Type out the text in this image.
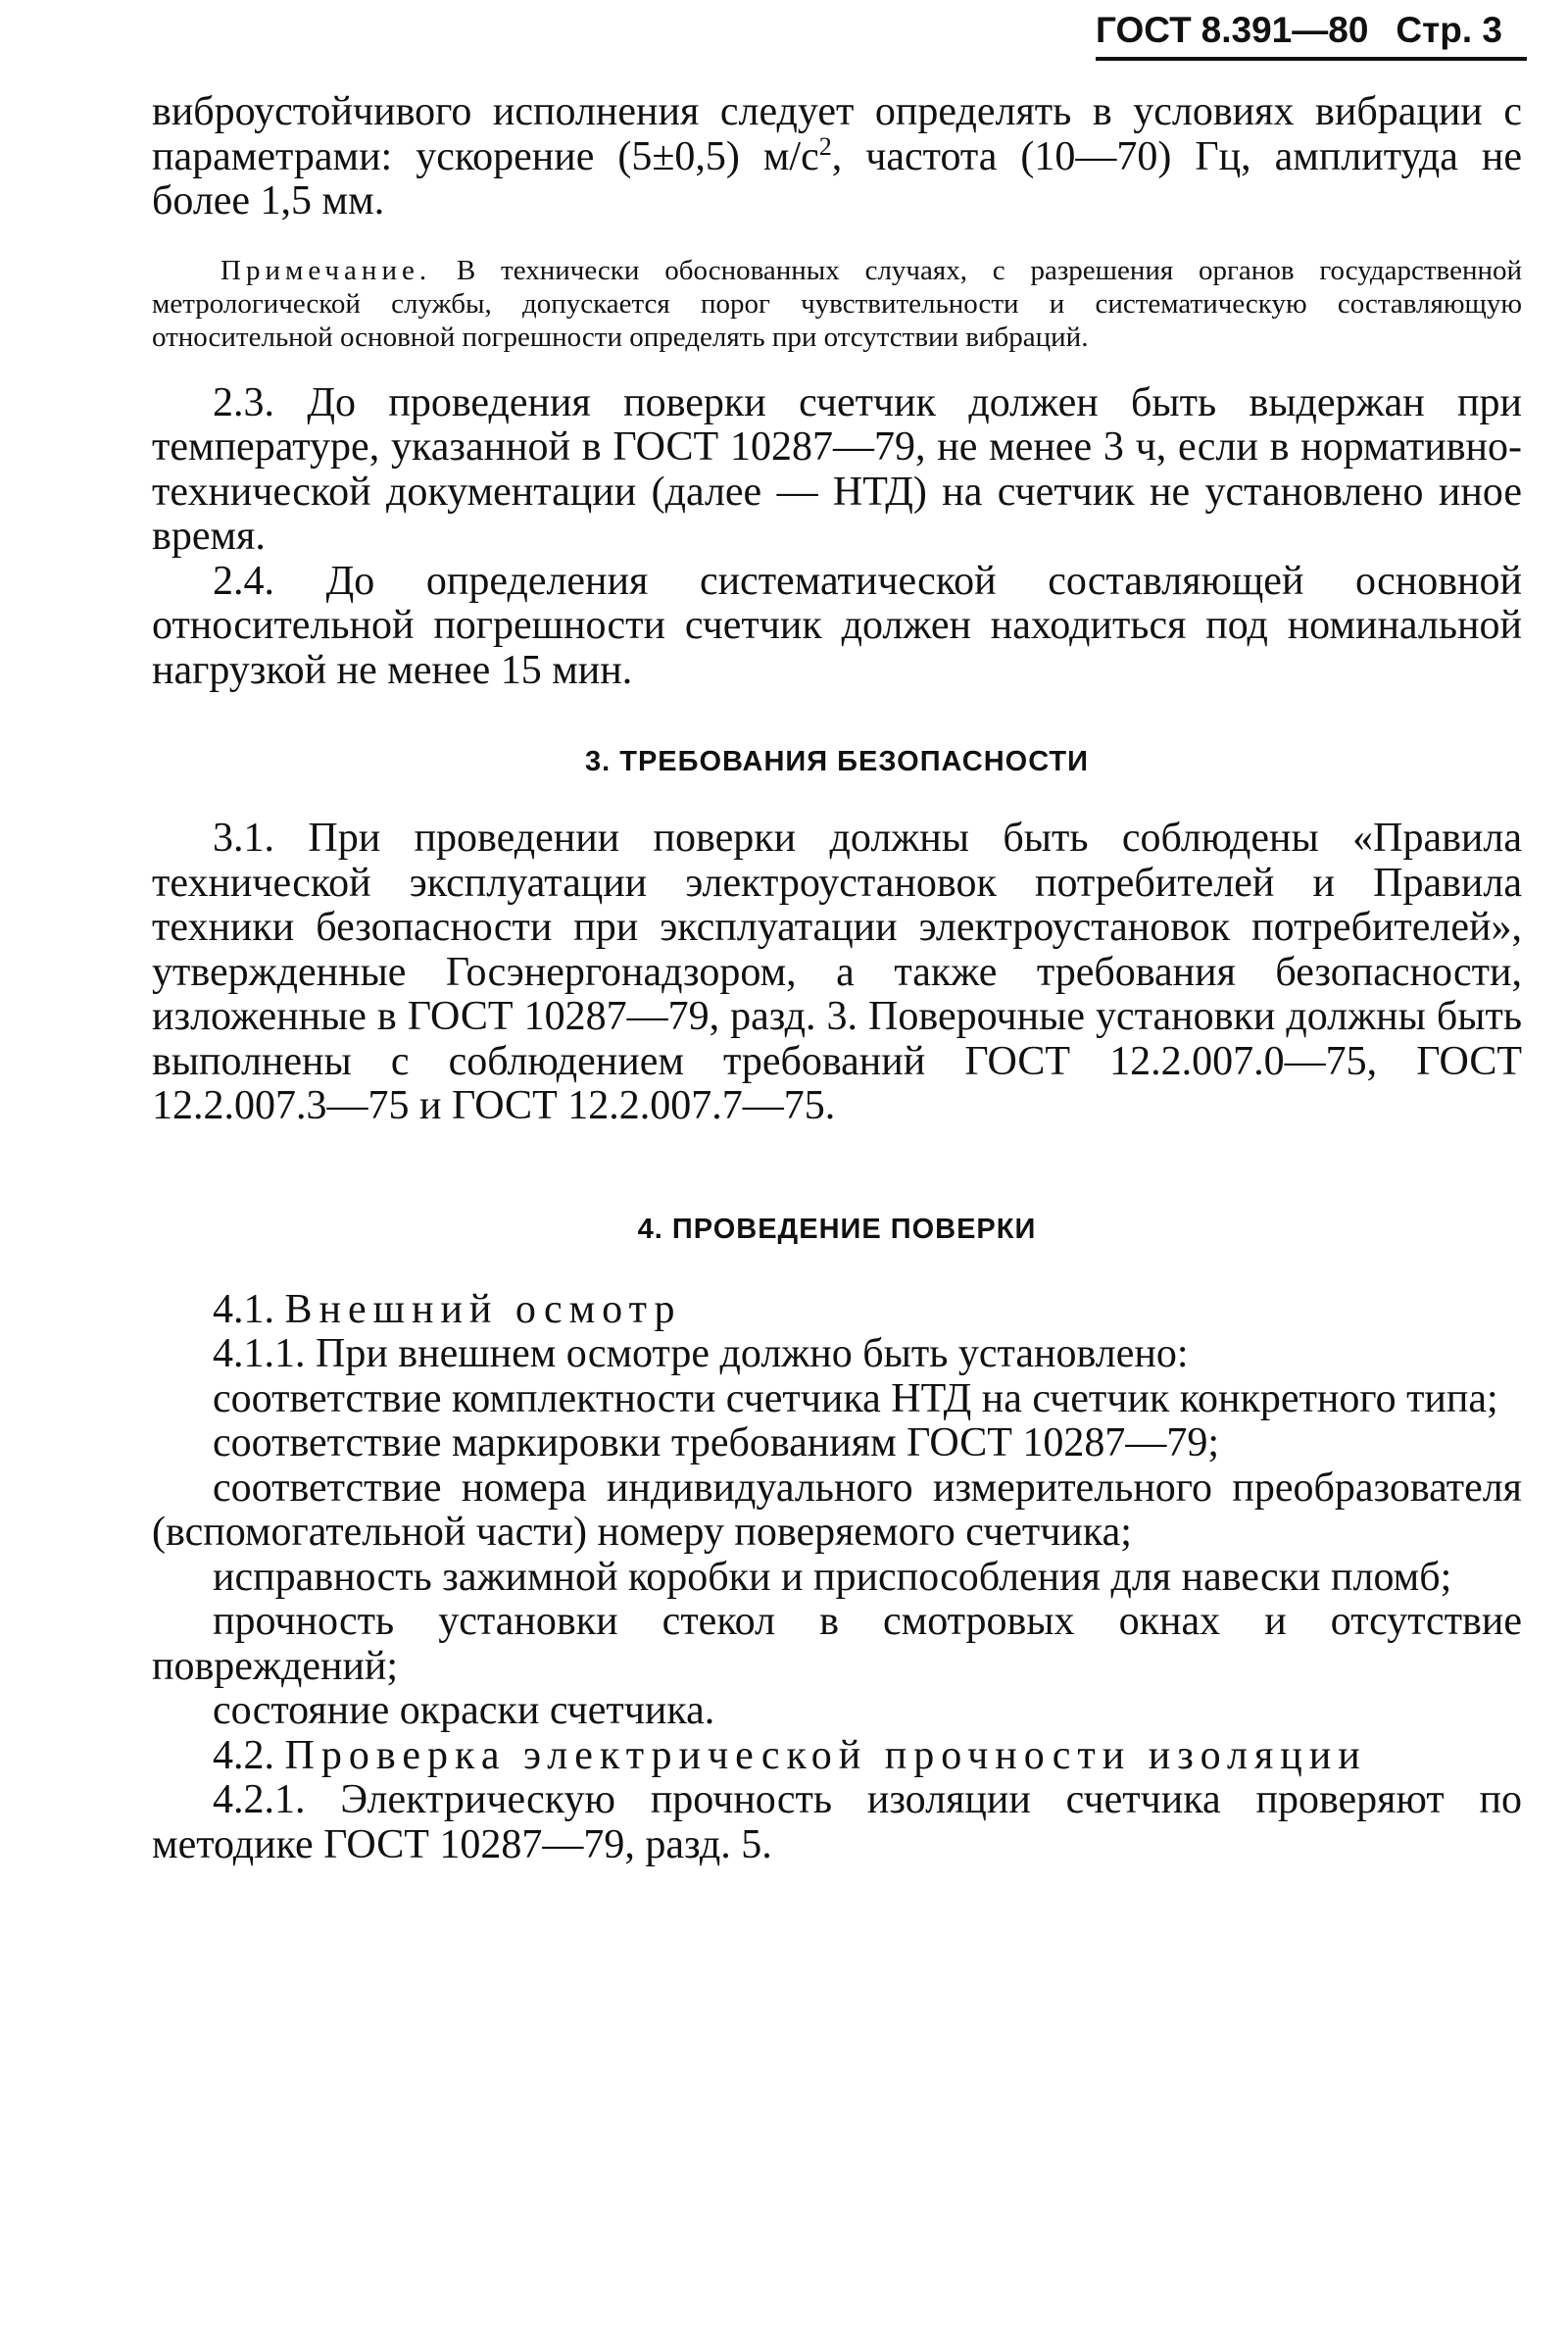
ГОСТ 8.391—80 Стр. 3

виброустойчивого исполнения следует определять в условиях вибрации с параметрами: ускорение (5±0,5) $м/с^2$, частота (10—70) Гц, амплитуда не более 1,5 мм.

Примечание. В технически обоснованных случаях, с разрешения органов государственной метрологической службы, допускается порог чувствительности и систематическую составляющую относительной основной погрешности определять при отсутствии вибраций.

2.3. До проведения поверки счетчик должен быть выдержан при температуре, указанной в ГОСТ 10287—79, не менее 3 ч, если в нормативно-технической документации (далее — НТД) на счетчик не установлено иное время.

2.4. До определения систематической составляющей основной относительной погрешности счетчик должен находиться под номинальной нагрузкой не менее 15 мин.

3. ТРЕБОВАНИЯ БЕЗОПАСНОСТИ

3.1. При проведении поверки должны быть соблюдены «Правила технической эксплуатации электроустановок потребителей и Правила техники безопасности при эксплуатации электроустановок потребителей», утвержденные Госэнергонадзором, а также требования безопасности, изложенные в ГОСТ 10287—79, разд. 3. Поверочные установки должны быть выполнены с соблюдением требований ГОСТ 12.2.007.0—75, ГОСТ 12.2.007.3—75 и ГОСТ 12.2.007.7—75.

4. ПРОВЕДЕНИЕ ПОВЕРКИ

4.1. Внешний осмотр

4.1.1. При внешнем осмотре должно быть установлено:

соответствие комплектности счетчика НТД на счетчик конкретного типа;

соответствие маркировки требованиям ГОСТ 10287—79;

соответствие номера индивидуального измерительного преобразователя (вспомогательной части) номеру поверяемого счетчика;

исправность зажимной коробки и приспособления для навески пломб;

прочность установки стекол в смотровых окнах и отсутствие повреждений;

состояние окраски счетчика.

4.2. Проверка электрической прочности изоляции

4.2.1. Электрическую прочность изоляции счетчика проверяют по методике ГОСТ 10287—79, разд. 5.
